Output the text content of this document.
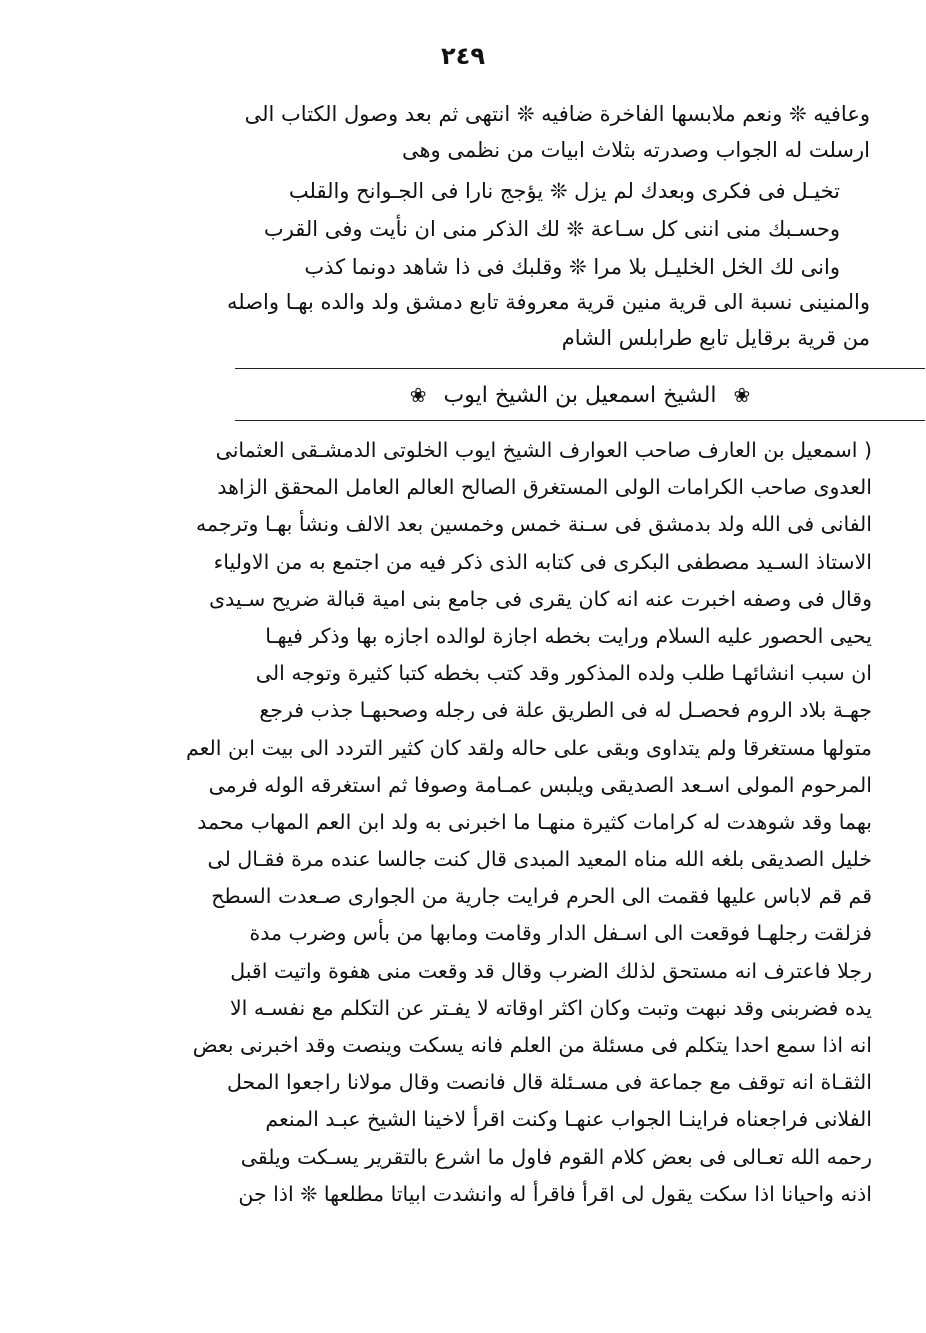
٢٤٩
وعافيه ❊ ونعم ملابسها الفاخرة ضافيه ❊ انتهى ثم بعد وصول الكتاب الى
ارسلت له الجواب وصدرته بثلاث ابيات من نظمى وهى
تخيـل فى فكرى وبعدك لم يزل ❊ يؤجج نارا فى الجـوانح والقلب
وحسـبك منى اننى كل سـاعة ❊ لك الذكر منى ان نأيت وفى القرب
وانى لك الخل الخليـل بلا مرا ❊ وقلبك فى ذا شاهد دونما كذب
والمنينى نسبة الى قرية منين قرية معروفة تابع دمشق ولد والده بهـا واصله
من قرية برقايل تابع طرابلس الشام
❀ الشيخ اسمعيل بن الشيخ ايوب ❀
( اسمعيل بن العارف صاحب العوارف الشيخ ايوب الخلوتى الدمشـقى العثمانى
العدوى صاحب الكرامات الولى المستغرق الصالح العالم العامل المحقق الزاهد
الفانى فى الله ولد بدمشق فى سـنة خمس وخمسين بعد الالف ونشأ بهـا وترجمه
الاستاذ السـيد مصطفى البكرى فى كتابه الذى ذكر فيه من اجتمع به من الاولياء
وقال فى وصفه اخبرت عنه انه كان يقرى فى جامع بنى امية قبالة ضريح سـيدى
يحيى الحصور عليه السلام ورايت بخطه اجازة لوالده اجازه بها وذكر فيهـا
ان سبب انشائهـا طلب ولده المذكور وقد كتب بخطه كتبا كثيرة وتوجه الى
جهـة بلاد الروم فحصـل له فى الطريق علة فى رجله وصحبهـا جذب فرجع
متولها مستغرقا ولم يتداوى وبقى على حاله ولقد كان كثير التردد الى بيت ابن العم
المرحوم المولى اسـعد الصديقى ويلبس عمـامة وصوفا ثم استغرقه الوله فرمى
بهما وقد شوهدت له كرامات كثيرة منهـا ما اخبرنى به ولد ابن العم المهاب محمد
خليل الصديقى بلغه الله مناه المعيد المبدى قال كنت جالسا عنده مرة فقـال لى
قم قم لاباس عليها فقمت الى الحرم فرايت جارية من الجوارى صـعدت السطح
فزلقت رجلهـا فوقعت الى اسـفل الدار وقامت ومابها من بأس وضرب مدة
رجلا فاعترف انه مستحق لذلك الضرب وقال قد وقعت منى هفوة واتيت اقبل
يده فضربنى وقد نبهت وتبت وكان اكثر اوقاته لا يفـتر عن التكلم مع نفسـه الا
انه اذا سمع احدا يتكلم فى مسئلة من العلم فانه يسكت وينصت وقد اخبرنى بعض
الثقـاة انه توقف مع جماعة فى مسـئلة قال فانصت وقال مولانا راجعوا المحل
الفلانى فراجعناه فراينـا الجواب عنهـا وكنت اقرأ لاخينا الشيخ عبـد المنعم
رحمه الله تعـالى فى بعض كلام القوم فاول ما اشرع بالتقرير يسـكت ويلقى
اذنه واحيانا اذا سكت يقول لى اقرأ فاقرأ له وانشدت ابياتا مطلعها ❊ اذا جن
